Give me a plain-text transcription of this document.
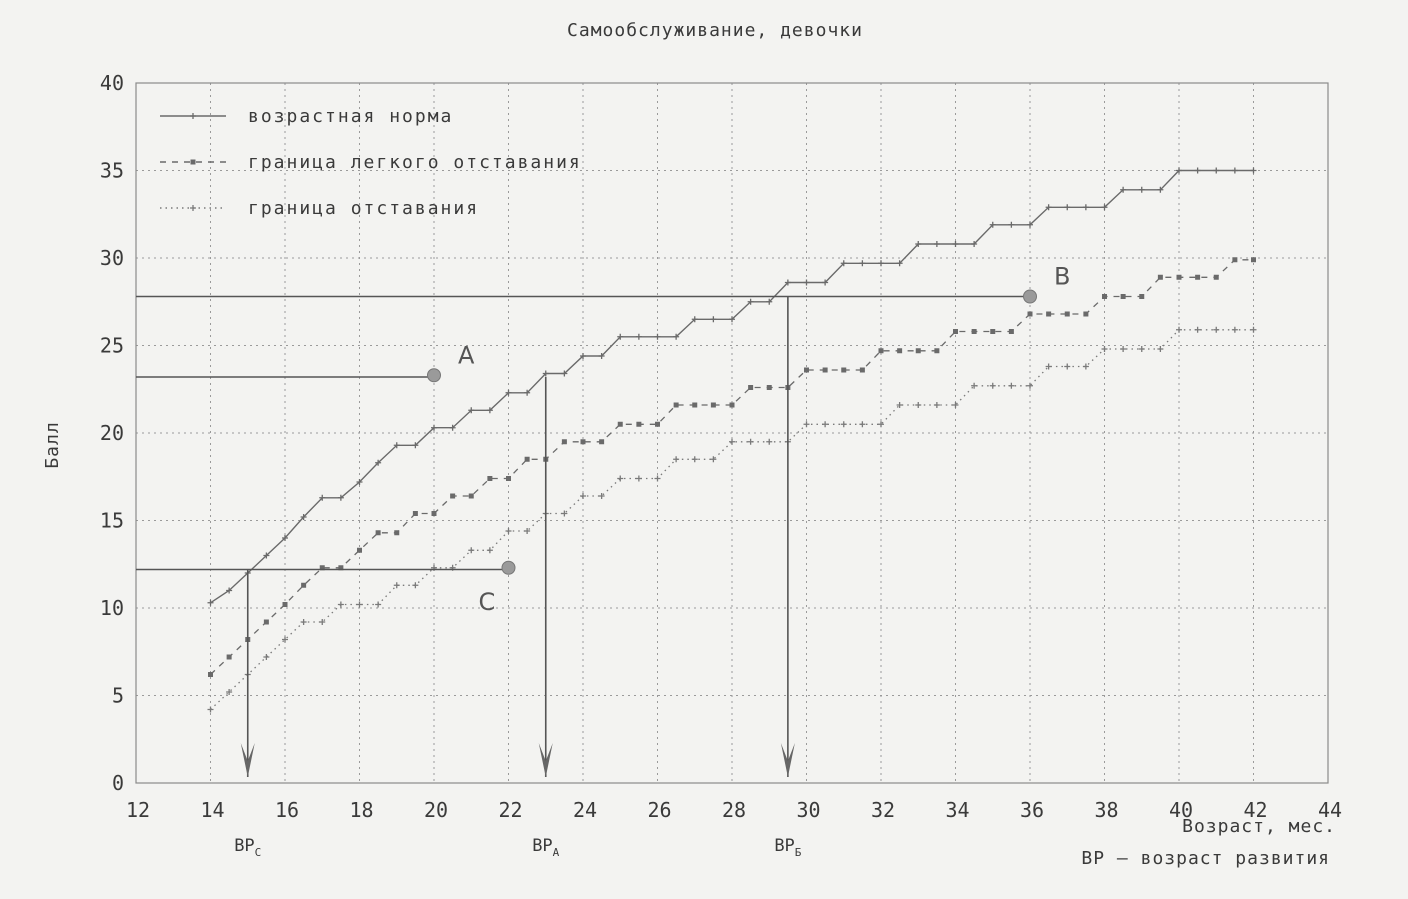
Самообслуживание, девочки
A
$ВР_А$
B
$ВР_Б$
C
$ВР_С$
12	14	16	18	20	22	24	26	28	30	32	34	36	38	40	42	44
0
5
10
15
20
25
30
35
40
возрастная норма
граница легкого отставания
граница отставания
Балл
Возраст, мес.
ВР – возраст развития
